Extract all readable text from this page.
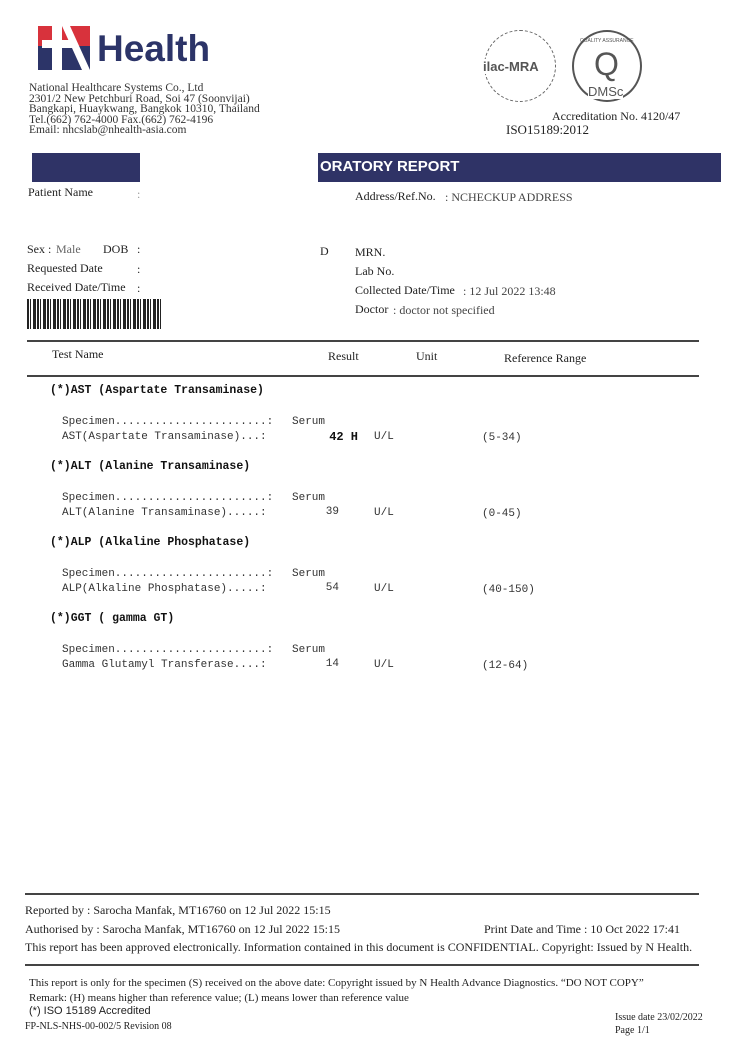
Health
National Healthcare Systems Co., Ltd
2301/2 New Petchburi Road, Soi 47 (Soonvijai)
Bangkapi, Huaykwang, Bangkok 10310, Thailand
Tel.(662) 762-4000 Fax.(662) 762-4196
Email: nhcslab@nhealth-asia.com
ilac-MRA
QUALITY ASSURANCE
Q
DMSc
Accreditation No. 4120/47
ISO15189:2012
ORATORY REPORT
Patient Name	:	Address/Ref.No. : NCHECKUP ADDRESS
Sex : Male DOB :	D MRN.
Requested Date	:	Lab No.
Received Date/Time :	Collected Date/Time : 12 Jul 2022 13:48
Doctor : doctor not specified
Test Name	Result	Unit	Reference Range
(*)AST (Aspartate Transaminase)
Specimen.......................: Serum
AST(Aspartate Transaminase)...:	42 H U/L	(5-34)
(*)ALT (Alanine Transaminase)
Specimen.......................: Serum
ALT(Alanine Transaminase).....:	39	U/L	(0-45)
(*)ALP (Alkaline Phosphatase)
Specimen.......................: Serum
ALP(Alkaline Phosphatase).....:	54	U/L	(40-150)
(*)GGT ( gamma GT)
Specimen.......................: Serum
Gamma Glutamyl Transferase....:	14	U/L	(12-64)
Reported by : Sarocha Manfak, MT16760 on 12 Jul 2022 15:15
Authorised by : Sarocha Manfak, MT16760 on 12 Jul 2022 15:15	Print Date and Time : 10 Oct 2022 17:41
This report has been approved electronically. Information contained in this document is CONFIDENTIAL. Copyright: Issued by N Health.
This report is only for the specimen (S) received on the above date: Copyright issued by N Health Advance Diagnostics. “DO NOT COPY”
Remark: (H) means higher than reference value; (L) means lower than reference value
(*) ISO 15189 Accredited
FP-NLS-NHS-00-002/5 Revision 08
Issue date 23/02/2022
Page 1/1
